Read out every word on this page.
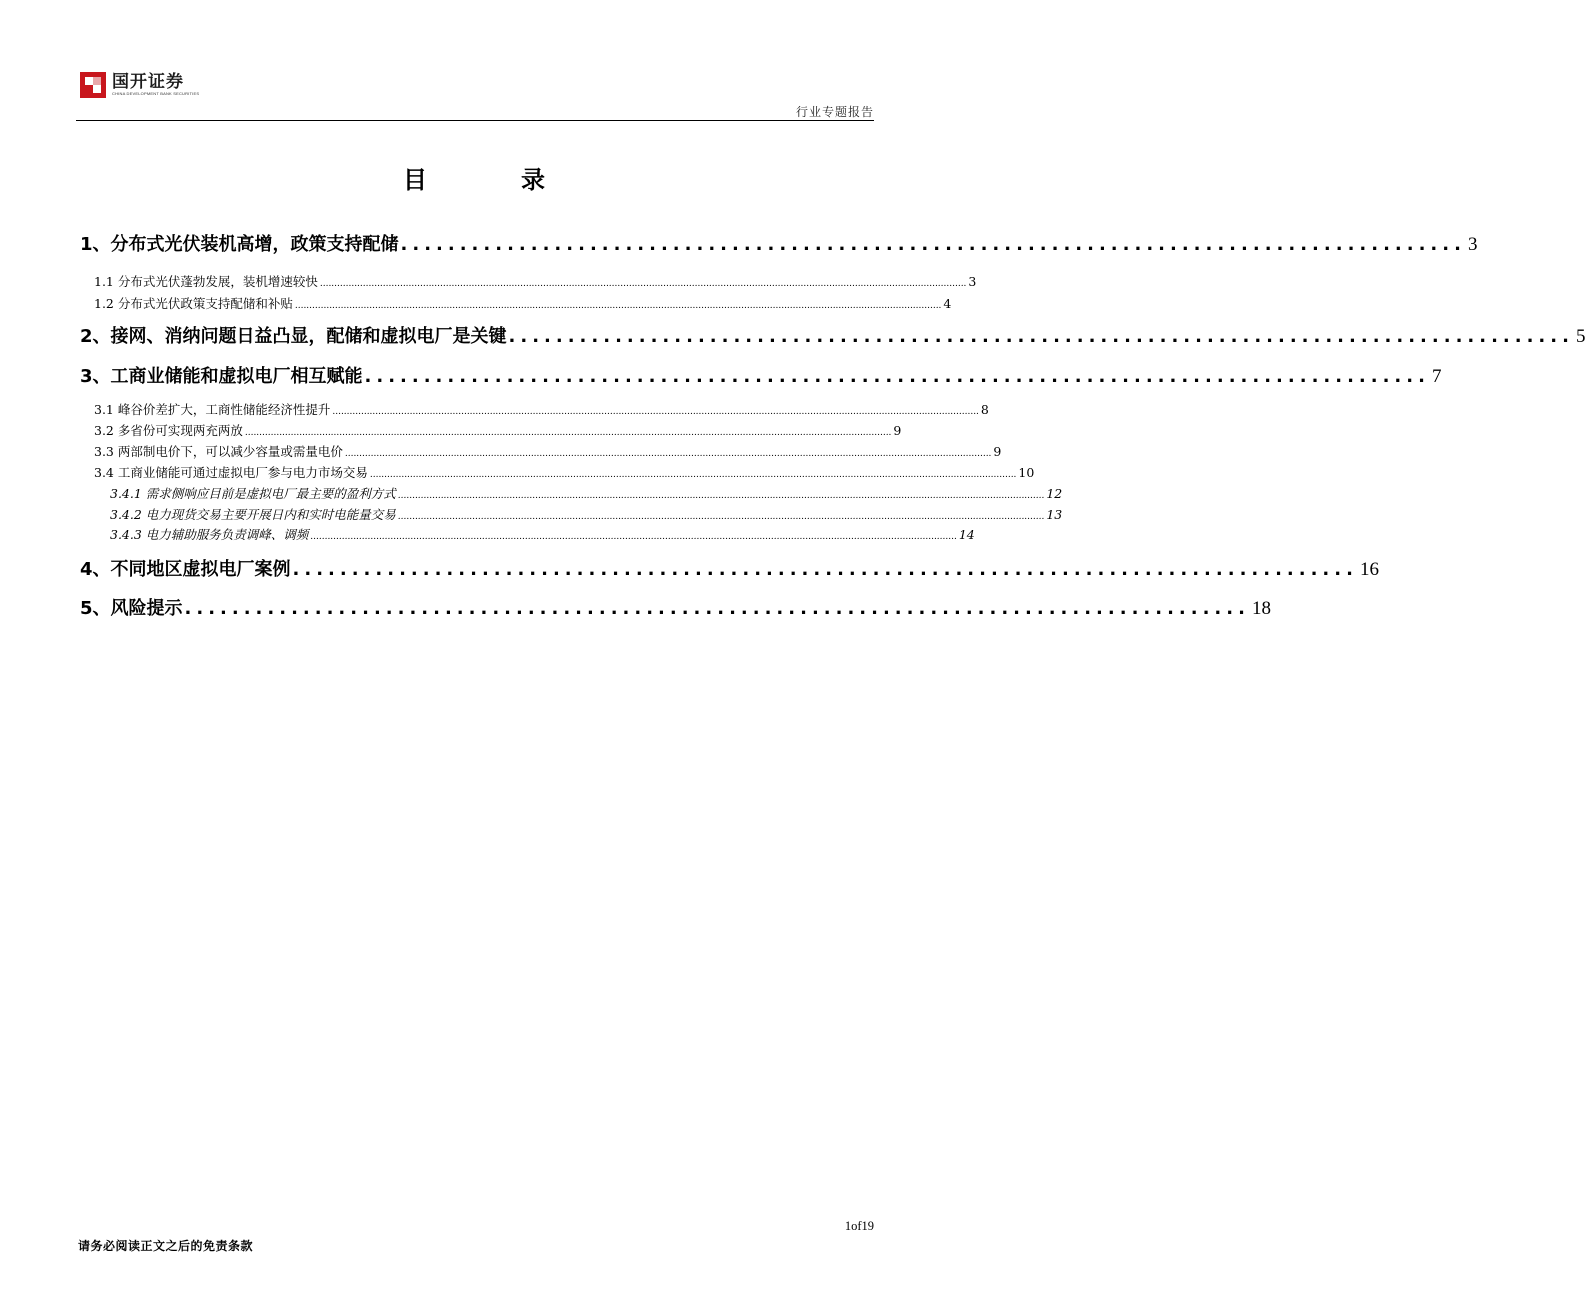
国开证券
CHINA DEVELOPMENT BANK SECURITIES
行业专题报告
目	录
1、分布式光伏装机高增，政策支持配储 .......................................................................................... 3
1.1 分布式光伏蓬勃发展，装机增速较快 .................................................................................................................................................................................................................................. 3
1.2 分布式光伏政策支持配储和补贴 .................................................................................................................................................................................................................................. 4
2、接网、消纳问题日益凸显，配储和虚拟电厂是关键 .......................................................................................... 5
3、工商业储能和虚拟电厂相互赋能 .......................................................................................... 7
3.1 峰谷价差扩大，工商性储能经济性提升 .................................................................................................................................................................................................................................. 8
3.2 多省份可实现两充两放 .................................................................................................................................................................................................................................. 9
3.3 两部制电价下，可以减少容量或需量电价 .................................................................................................................................................................................................................................. 9
3.4 工商业储能可通过虚拟电厂参与电力市场交易 .................................................................................................................................................................................................................................. 10
3.4.1 需求侧响应目前是虚拟电厂最主要的盈利方式 .................................................................................................................................................................................................................................. 12
3.4.2 电力现货交易主要开展日内和实时电能量交易 .................................................................................................................................................................................................................................. 13
3.4.3 电力辅助服务负责调峰、调频 .................................................................................................................................................................................................................................. 14
4、不同地区虚拟电厂案例 .......................................................................................... 16
5、风险提示 .......................................................................................... 18
1of19
请务必阅读正文之后的免责条款
